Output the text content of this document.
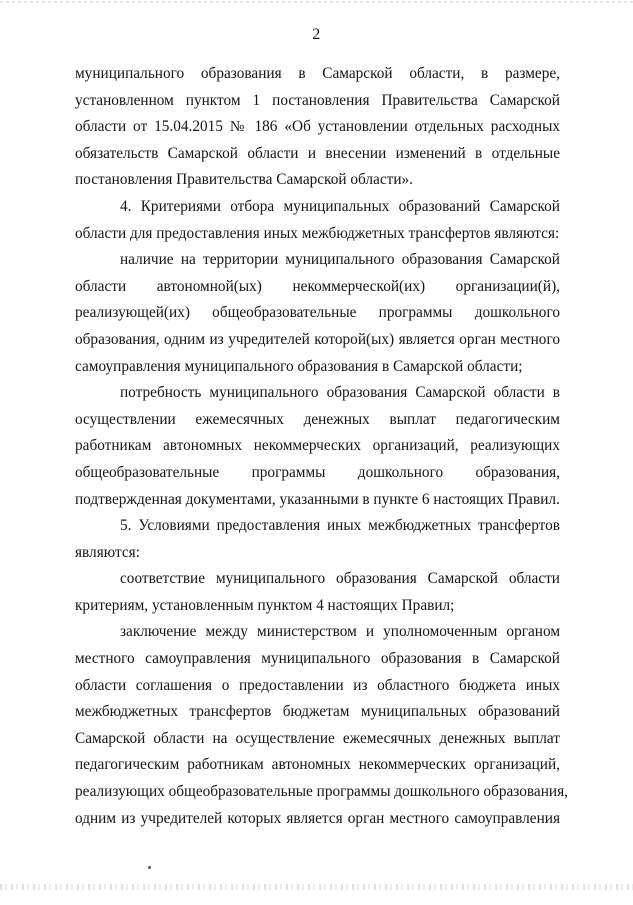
2
муниципального образования в Самарской области, в размере,
установленном пунктом 1 постановления Правительства Самарской
области от 15.04.2015 № 186 «Об установлении отдельных расходных
обязательств Самарской области и внесении изменений в отдельные
постановления Правительства Самарской области».
4. Критериями отбора муниципальных образований Самарской
области для предоставления иных межбюджетных трансфертов являются:
наличие на территории муниципального образования Самарской
области автономной(ых) некоммерческой(их) организации(й),
реализующей(их) общеобразовательные программы дошкольного
образования, одним из учредителей которой(ых) является орган местного
самоуправления муниципального образования в Самарской области;
потребность муниципального образования Самарской области в
осуществлении ежемесячных денежных выплат педагогическим
работникам автономных некоммерческих организаций, реализующих
общеобразовательные программы дошкольного образования,
подтвержденная документами, указанными в пункте 6 настоящих Правил.
5. Условиями предоставления иных межбюджетных трансфертов
являются:
соответствие муниципального образования Самарской области
критериям, установленным пунктом 4 настоящих Правил;
заключение между министерством и уполномоченным органом
местного самоуправления муниципального образования в Самарской
области соглашения о предоставлении из областного бюджета иных
межбюджетных трансфертов бюджетам муниципальных образований
Самарской области на осуществление ежемесячных денежных выплат
педагогическим работникам автономных некоммерческих организаций,
реализующих общеобразовательные программы дошкольного образования,
одним из учредителей которых является орган местного самоуправления
